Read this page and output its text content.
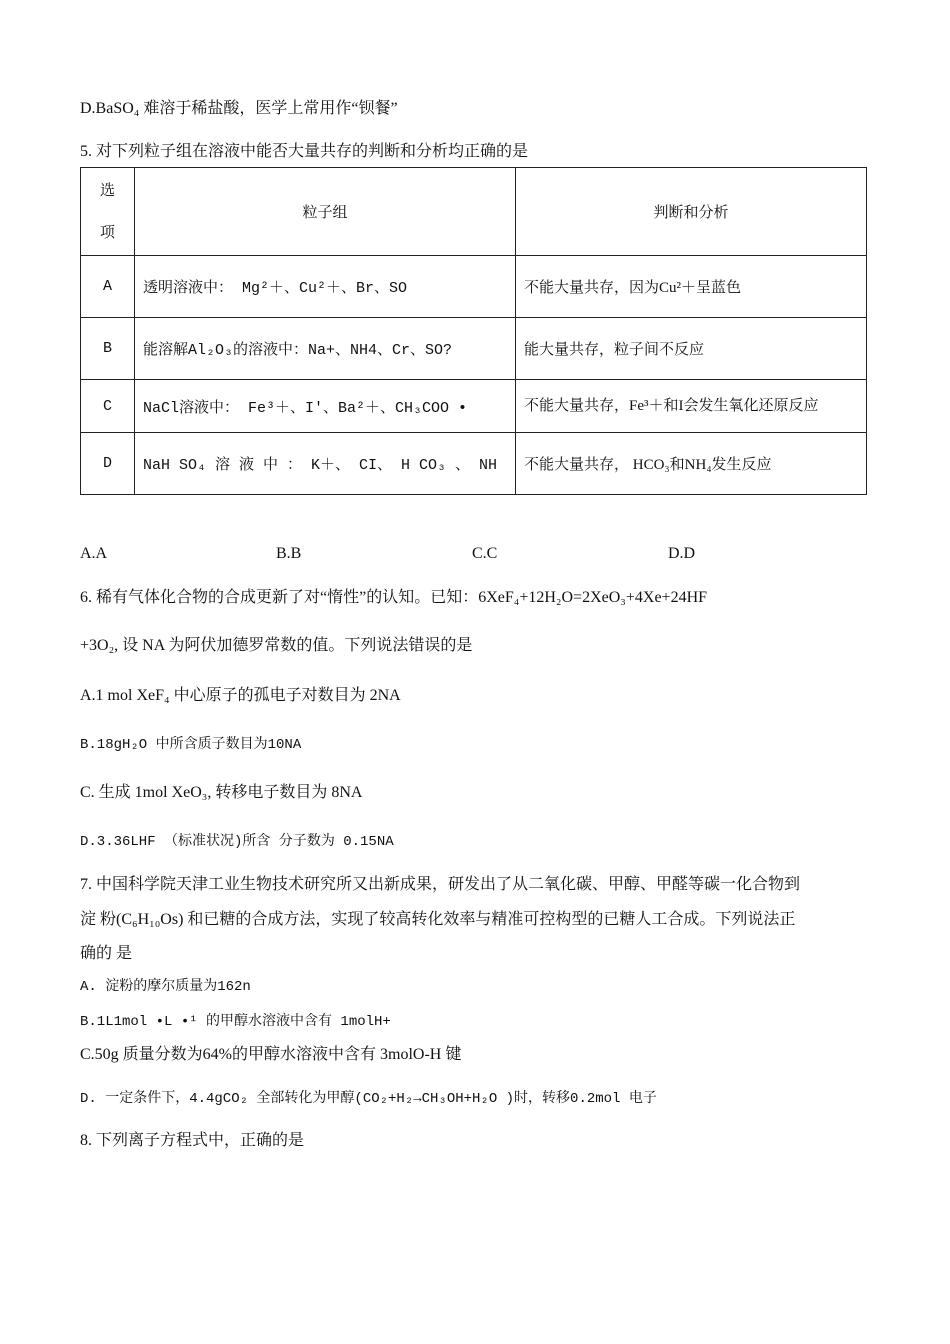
D.BaSO₄ 难溶于稀盐酸，医学上常用作“钡餐”
5. 对下列粒子组在溶液中能否大量共存的判断和分析均正确的是
选
项	粒子组	判断和分析
A	透明溶液中： Mg²＋、Cu²＋、Br、SO	不能大量共存，因为Cu²＋呈蓝色
B	能溶解Al₂O₃的溶液中：Na+、NH4、Cr、SO?	能大量共存，粒子间不反应
C	NaCl溶液中： Fe³＋、I′、Ba²＋、CH₃COO •	不能大量共存，Fe³＋和I会发生氧化还原反应
D	NaH SO₄ 溶 液 中 ： K＋、 CI、 H CO₃ 、 NH	不能大量共存， HCO₃和NH₄发生反应
A.A	B.B	C.C	D.D
6. 稀有气体化合物的合成更新了对“惰性”的认知。已知：6XeF₄+12H₂O=2XeO₃+4Xe+24HF
+3O₂, 设 NA 为阿伏加德罗常数的值。下列说法错误的是
A.1 mol XeF₄ 中心原子的孤电子对数目为 2NA
B.18gH₂O 中所含质子数目为10NA
C. 生成 1mol XeO₃, 转移电子数目为 8NA
D.3.36LHF （标准状况)所含 分子数为 0.15NA
7. 中国科学院天津工业生物技术研究所又出新成果，研发出了从二氧化碳、甲醇、甲醛等碳一化合物到
淀 粉(C₆H₁₀Os) 和已糖的合成方法，实现了较高转化效率与精准可控构型的已糖人工合成。下列说法正
确的 是
A. 淀粉的摩尔质量为162n
B.1L1mol •L •¹ 的甲醇水溶液中含有 1molH+
C.50g 质量分数为64%的甲醇水溶液中含有 3molO-H 键
D. 一定条件下，4.4gCO₂ 全部转化为甲醇(CO₂+H₂→CH₃OH+H₂O )时，转移0.2mol 电子
8. 下列离子方程式中，正确的是
